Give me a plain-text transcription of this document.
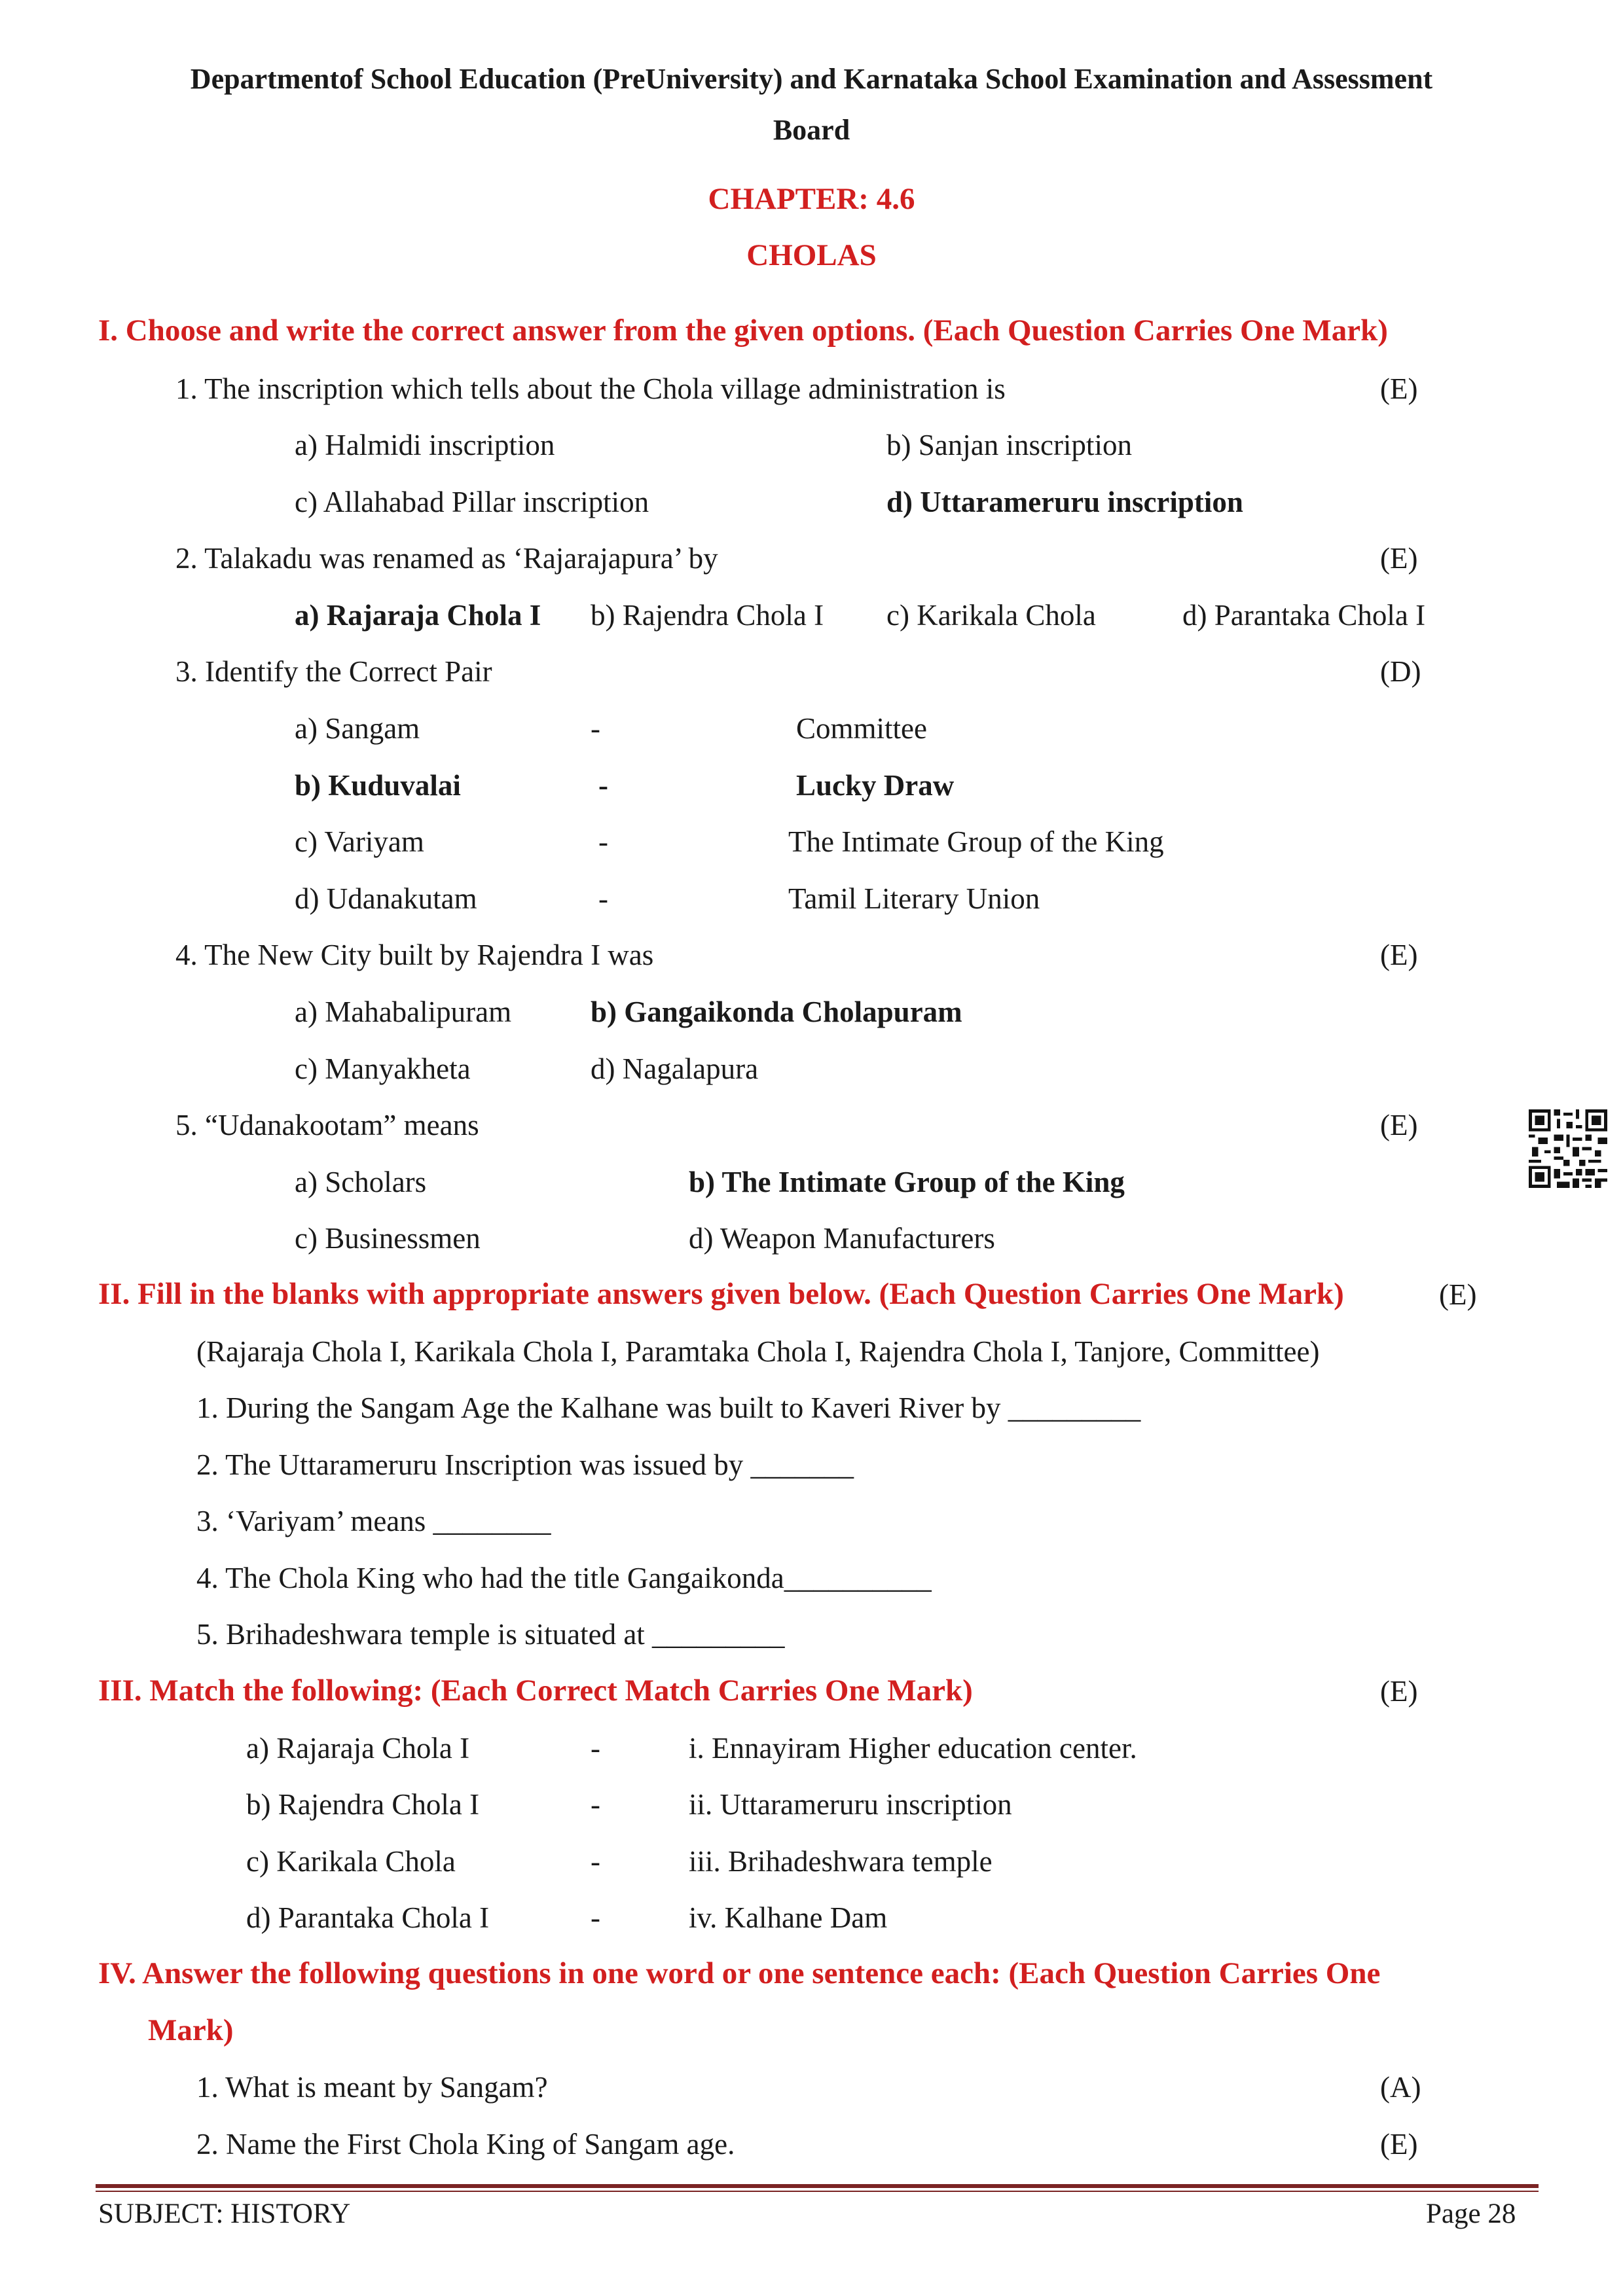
Departmentof School Education (PreUniversity) and Karnataka School Examination and Assessment
Board
CHAPTER: 4.6
CHOLAS
I. Choose and write the correct answer from the given options. (Each Question Carries One Mark)
1. The inscription which tells about the Chola village administration is	(E)
a) Halmidi inscription	b) Sanjan inscription
c) Allahabad Pillar inscription	d) Uttarameruru inscription
2. Talakadu was renamed as ‘Rajarajapura’ by	(E)
a) Rajaraja Chola I b) Rajendra Chola I c) Karikala Chola	d) Parantaka Chola I
3. Identify the Correct Pair	(D)
a) Sangam	-	Committee
b) Kuduvalai	-	Lucky Draw
c) Variyam	-	The Intimate Group of the King
d) Udanakutam	-	Tamil Literary Union
4. The New City built by Rajendra I was	(E)
a) Mahabalipuram	b) Gangaikonda Cholapuram
c) Manyakheta	d) Nagalapura
5. “Udanakootam” means	(E)
a) Scholars	b) The Intimate Group of the King
c) Businessmen	d) Weapon Manufacturers
II. Fill in the blanks with appropriate answers given below. (Each Question Carries One Mark)	(E)
(Rajaraja Chola I, Karikala Chola I, Paramtaka Chola I, Rajendra Chola I, Tanjore, Committee)
1. During the Sangam Age the Kalhane was built to Kaveri River by _________
2. The Uttarameruru Inscription was issued by _______
3. ‘Variyam’ means ________
4. The Chola King who had the title Gangaikonda__________
5. Brihadeshwara temple is situated at _________
III. Match the following: (Each Correct Match Carries One Mark)	(E)
a) Rajaraja Chola I	-	i. Ennayiram Higher education center.
b) Rajendra Chola I	-	ii. Uttarameruru inscription
c) Karikala Chola	-	iii. Brihadeshwara temple
d) Parantaka Chola I	-	iv. Kalhane Dam
IV. Answer the following questions in one word or one sentence each: (Each Question Carries One
Mark)
1. What is meant by Sangam?	(A)
2. Name the First Chola King of Sangam age.	(E)
SUBJECT: HISTORY	Page 28
